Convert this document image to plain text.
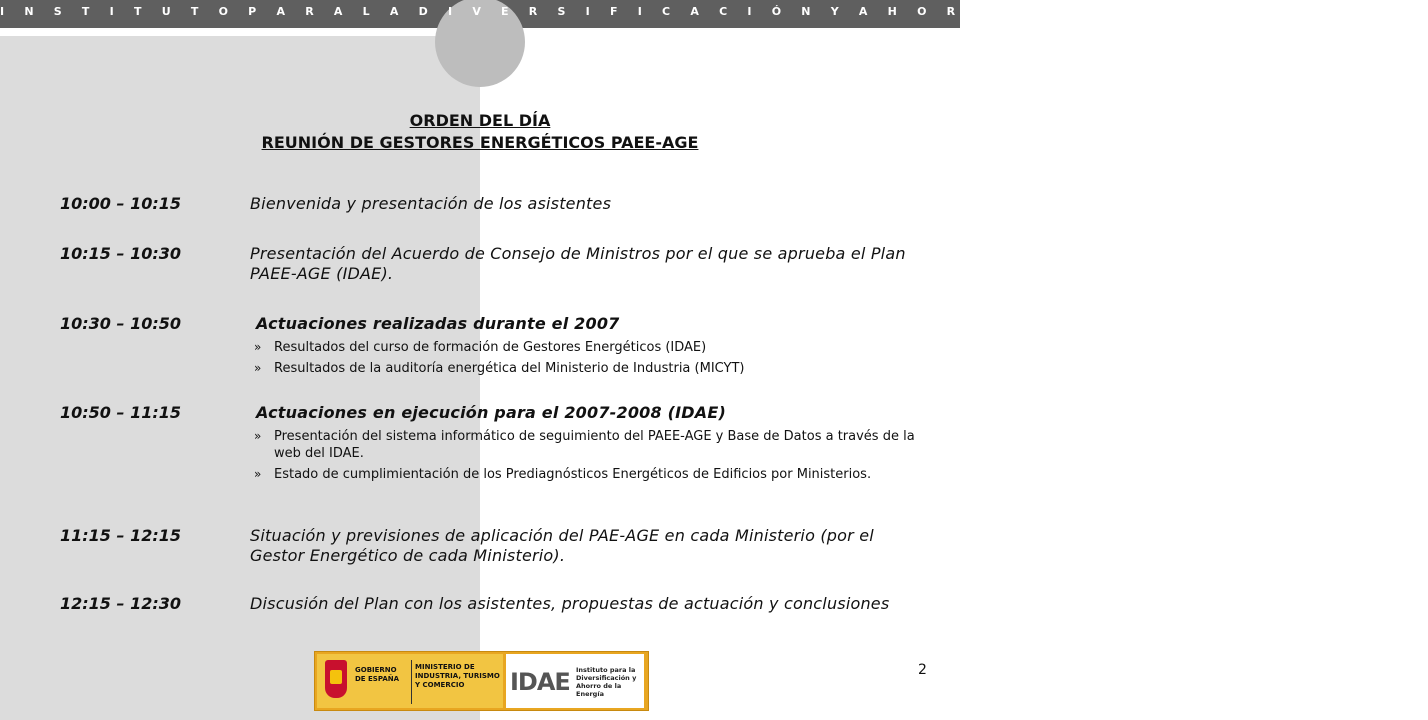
I N S T I T U T O P A R A L A D I V E R S I F I C A C I Ó N Y A H O R R O D E L A E N E R G Í A (PAEE-AGE)
ORDEN DEL DÍA
REUNIÓN DE GESTORES ENERGÉTICOS PAEE-AGE
10:00 – 10:15	Bienvenida y presentación de los asistentes
10:15 – 10:30	Presentación del Acuerdo de Consejo de Ministros por el que se aprueba el Plan PAEE-AGE (IDAE).
10:30 – 10:50	Actuaciones realizadas durante el 2007
» Resultados del curso de formación de Gestores Energéticos (IDAE)
» Resultados de la auditoría energética del Ministerio de Industria (MICYT)
10:50 – 11:15	Actuaciones en ejecución para el 2007-2008 (IDAE)
» Presentación del sistema informático de seguimiento del PAEE-AGE y Base de Datos a través de la web del IDAE.
» Estado de cumplimientación de los Prediagnósticos Energéticos de Edificios por Ministerios.
11:15 – 12:15	Situación y previsiones de aplicación del PAE-AGE en cada Ministerio (por el Gestor Energético de cada Ministerio).
12:15 – 12:30	Discusión del Plan con los asistentes, propuestas de actuación y conclusiones
GOBIERNO DE ESPAÑA
MINISTERIO DE INDUSTRIA, TURISMO Y COMERCIO	IDAE Instituto para la Diversificación y Ahorro de la Energía
2
